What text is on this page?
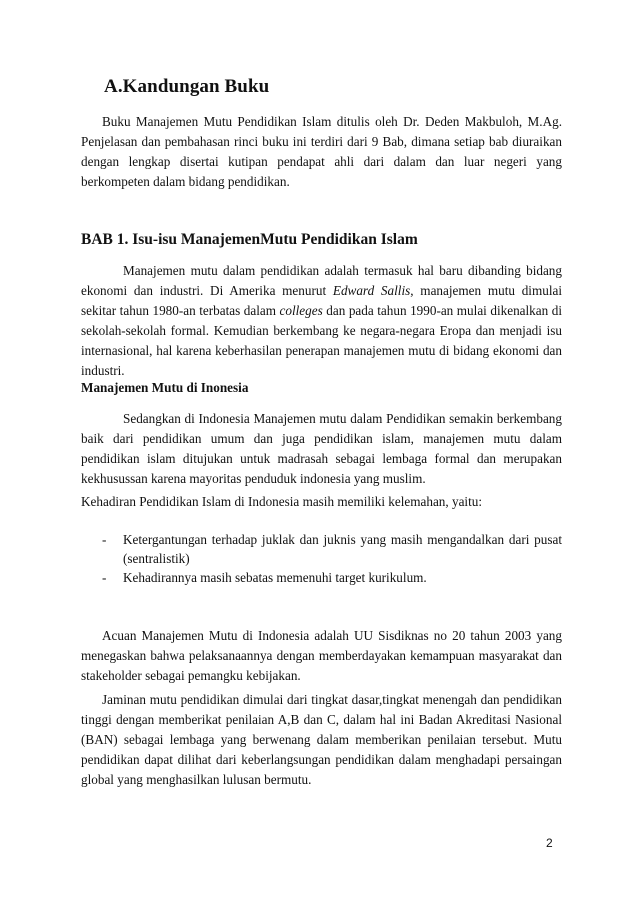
A.Kandungan Buku

Buku Manajemen Mutu Pendidikan Islam ditulis oleh Dr. Deden Makbuloh, M.Ag. Penjelasan dan pembahasan rinci buku ini terdiri dari 9 Bab, dimana setiap bab diuraikan dengan lengkap disertai kutipan pendapat ahli dari dalam dan luar negeri yang berkompeten dalam bidang pendidikan.

BAB 1. Isu-isu ManajemenMutu Pendidikan Islam

Manajemen mutu dalam pendidikan adalah termasuk hal baru dibanding bidang ekonomi dan industri. Di Amerika menurut Edward Sallis, manajemen mutu dimulai sekitar tahun 1980-an terbatas dalam colleges dan pada tahun 1990-an mulai dikenalkan di sekolah-sekolah formal. Kemudian berkembang ke negara-negara Eropa dan menjadi isu internasional, hal karena keberhasilan penerapan manajemen mutu di bidang ekonomi dan industri.

Manajemen Mutu di Inonesia

Sedangkan di Indonesia Manajemen mutu dalam Pendidikan semakin berkembang baik dari pendidikan umum dan juga pendidikan islam, manajemen mutu dalam pendidikan islam ditujukan untuk madrasah sebagai lembaga formal dan merupakan kekhusussan karena mayoritas penduduk indonesia yang muslim.

Kehadiran Pendidikan Islam di Indonesia masih memiliki kelemahan, yaitu:

- Ketergantungan terhadap juklak dan juknis yang masih mengandalkan dari pusat (sentralistik)
- Kehadirannya masih sebatas memenuhi target kurikulum.

Acuan Manajemen Mutu di Indonesia adalah UU Sisdiknas no 20 tahun 2003 yang menegaskan bahwa pelaksanaannya dengan memberdayakan kemampuan masyarakat dan stakeholder sebagai pemangku kebijakan.

Jaminan mutu pendidikan dimulai dari tingkat dasar,tingkat menengah dan pendidikan tinggi dengan memberikat penilaian A,B dan C, dalam hal ini Badan Akreditasi Nasional (BAN) sebagai lembaga yang berwenang dalam memberikan penilaian tersebut. Mutu pendidikan dapat dilihat dari keberlangsungan pendidikan dalam menghadapi persaingan global yang menghasilkan lulusan bermutu.

2
